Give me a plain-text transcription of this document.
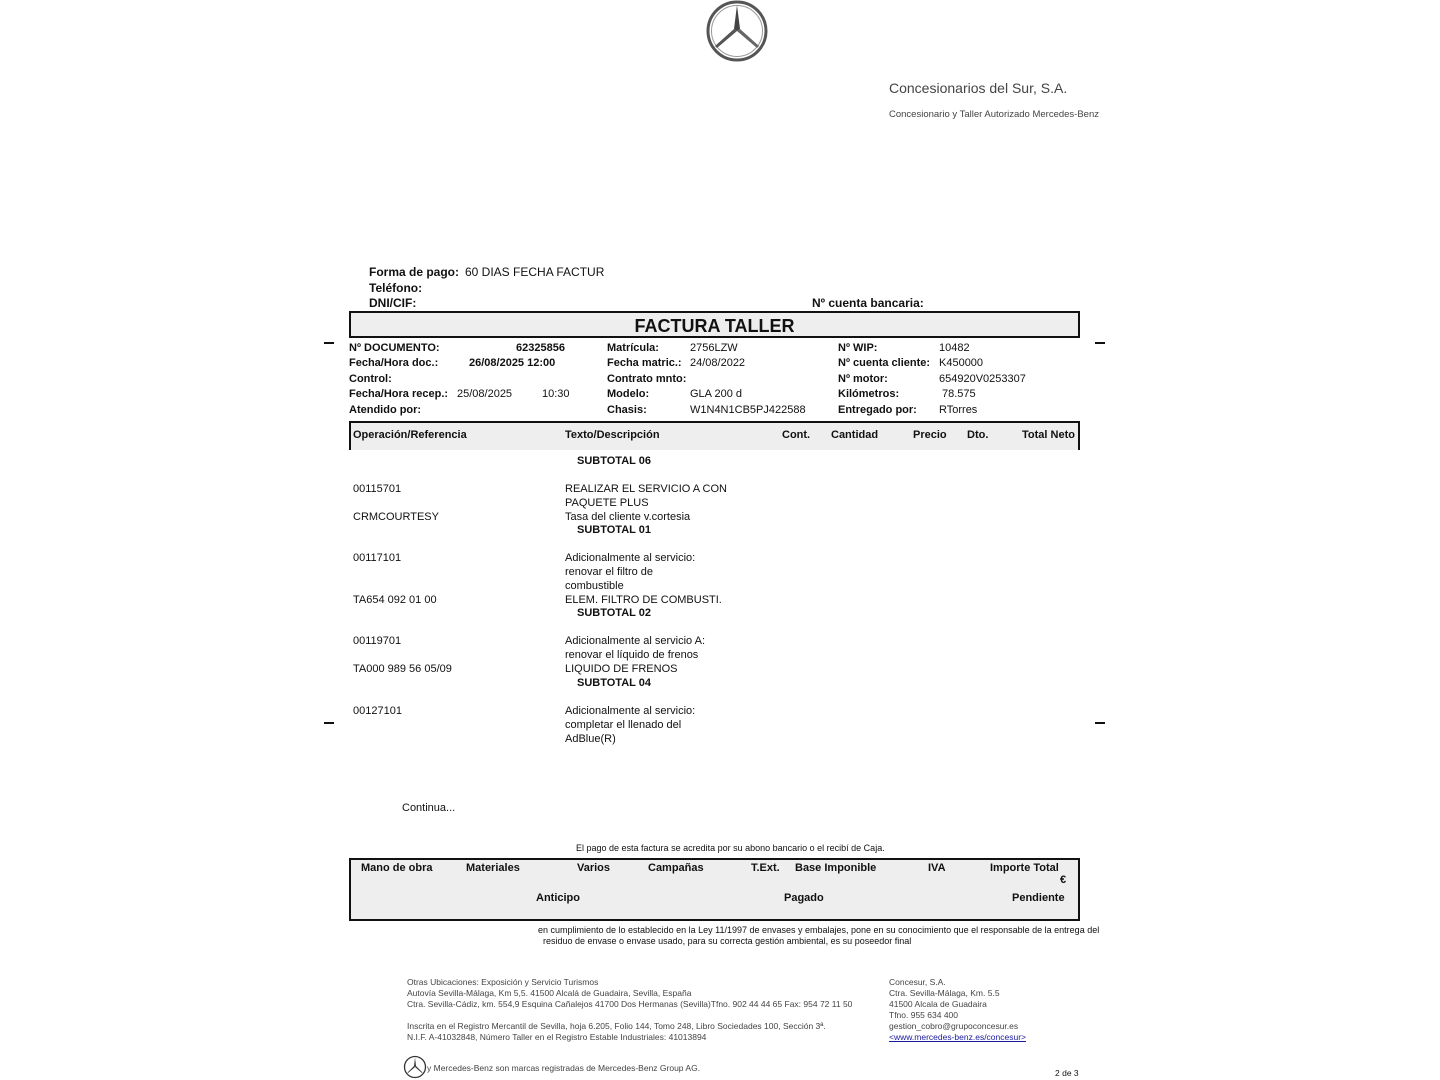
Concesionarios del Sur, S.A.
Concesionario y Taller Autorizado Mercedes-Benz
Forma de pago: 60 DIAS FECHA FACTUR
Teléfono:
DNI/CIF:	Nº cuenta bancaria:
FACTURA TALLER
Nº DOCUMENTO:	62325856
Fecha/Hora doc.:	26/08/2025 12:00
Control:
Fecha/Hora recep.: 25/08/2025	10:30
Atendido por:
Matrícula:	2756LZW
Fecha matric.: 24/08/2022
Contrato mnto:
Modelo:	GLA 200 d
Chasis:	W1N4N1CB5PJ422588
Nº WIP:	10482
Nº cuenta cliente: K450000
Nº motor:	654920V0253307
Kilómetros:	78.575
Entregado por: RTorres
Operación/Referencia	Texto/Descripción	Cont. Cantidad	Precio Dto.	Total Neto
SUBTOTAL 06
00115701	REALIZAR EL SERVICIO A CON
PAQUETE PLUS
CRMCOURTESY	Tasa del cliente v.cortesia
SUBTOTAL 01
00117101	Adicionalmente al servicio:
renovar el filtro de
combustible
TA654 092 01 00	ELEM. FILTRO DE COMBUSTI.
SUBTOTAL 02
00119701	Adicionalmente al servicio A:
renovar el líquido de frenos
TA000 989 56 05/09	LIQUIDO DE FRENOS
SUBTOTAL 04
00127101	Adicionalmente al servicio:
completar el llenado del
AdBlue(R)
Continua...
El pago de esta factura se acredita por su abono bancario o el recibí de Caja.
Mano de obra	Materiales	Varios	Campañas	T.Ext. Base Imponible	IVA	Importe Total
€
Anticipo	Pagado	Pendiente
en cumplimiento de lo establecido en la Ley 11/1997 de envases y embalajes, pone en su conocimiento que el responsable de la entrega del
residuo de envase o envase usado, para su correcta gestión ambiental, es su poseedor final
Otras Ubicaciones: Exposición y Servicio Turismos
Autovía Sevilla-Málaga, Km 5,5. 41500 Alcalá de Guadaira, Sevilla, España
Ctra. Sevilla-Cádiz, km. 554,9 Esquina Cañalejos 41700 Dos Hermanas (Sevilla)Tfno. 902 44 44 65 Fax: 954 72 11 50
Inscrita en el Registro Mercantil de Sevilla, hoja 6.205, Folio 144, Tomo 248, Libro Sociedades 100, Sección 3ª.
N.I.F. A-41032848, Número Taller en el Registro Estable Industriales: 41013894
Concesur, S.A.
Ctra. Sevilla-Málaga, Km. 5.5
41500 Alcala de Guadaira
Tfno. 955 634 400
gestion_cobro@grupoconcesur.es
<www.mercedes-benz.es/concesur>
y Mercedes-Benz son marcas registradas de Mercedes-Benz Group AG.	2 de 3
